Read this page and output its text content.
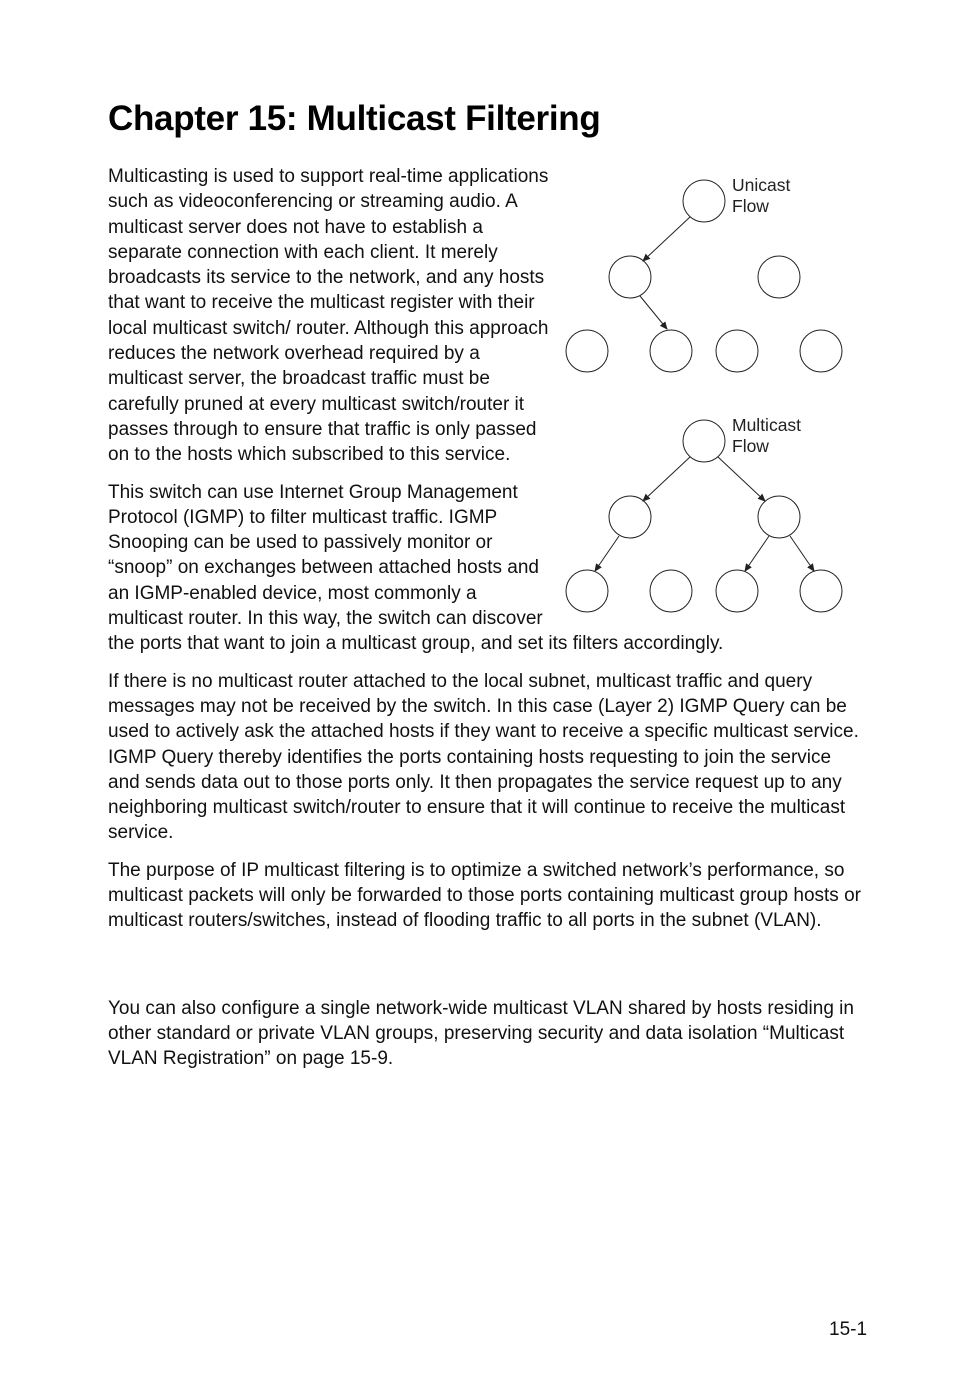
Chapter 15: Multicast Filtering
Unicast
Flow
Multicast
Flow

Multicasting is used to support real-time applications such as videoconferencing or streaming audio. A multicast server does not have to establish a separate connection with each client. It merely broadcasts its service to the network, and any hosts that want to receive the multicast register with their local multicast switch/ router. Although this approach reduces the network overhead required by a multicast server, the broadcast traffic must be carefully pruned at every multicast switch/router it passes through to ensure that traffic is only passed on to the hosts which subscribed to this service.

This switch can use Internet Group Management Protocol (IGMP) to filter multicast traffic. IGMP Snooping can be used to passively monitor or “snoop” on exchanges between attached hosts and an IGMP-enabled device, most commonly a multicast router. In this way, the switch can discover the ports that want to join a multicast group, and set its filters accordingly.

If there is no multicast router attached to the local subnet, multicast traffic and query messages may not be received by the switch. In this case (Layer 2) IGMP Query can be used to actively ask the attached hosts if they want to receive a specific multicast service. IGMP Query thereby identifies the ports containing hosts requesting to join the service and sends data out to those ports only. It then propagates the service request up to any neighboring multicast switch/router to ensure that it will continue to receive the multicast service.

The purpose of IP multicast filtering is to optimize a switched network’s performance, so multicast packets will only be forwarded to those ports containing multicast group hosts or multicast routers/switches, instead of flooding traffic to all ports in the subnet (VLAN).

You can also configure a single network-wide multicast VLAN shared by hosts residing in other standard or private VLAN groups, preserving security and data isolation “Multicast VLAN Registration” on page 15-9.

15-1
